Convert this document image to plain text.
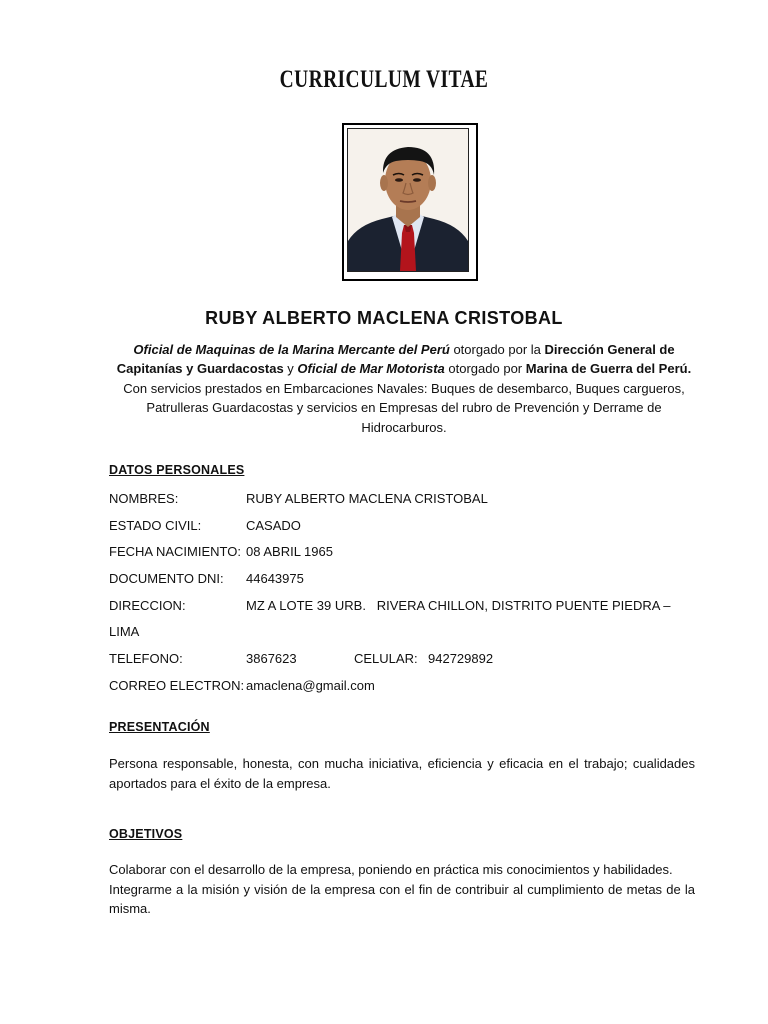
CURRICULUM VITAE
RUBY ALBERTO MACLENA CRISTOBAL
Oficial de Maquinas de la Marina Mercante del Perú otorgado por la Dirección General de Capitanías y Guardacostas y Oficial de Mar Motorista otorgado por Marina de Guerra del Perú. Con servicios prestados en Embarcaciones Navales: Buques de desembarco, Buques cargueros, Patrulleras Guardacostas y servicios en Empresas del rubro de Prevención y Derrame de Hidrocarburos.
DATOS PERSONALES
NOMBRES:	RUBY ALBERTO MACLENA CRISTOBAL
ESTADO CIVIL:	CASADO
FECHA NACIMIENTO: 08 ABRIL 1965
DOCUMENTO DNI: 44643975
DIRECCION:	MZ A LOTE 39 URB.   RIVERA CHILLON, DISTRITO PUENTE PIEDRA –
LIMA
TELEFONO:	3867623	CELULAR: 942729892
CORREO ELECTRON: amaclena@gmail.com
PRESENTACIÓN
Persona responsable, honesta, con mucha iniciativa, eficiencia y eficacia en el trabajo; cualidades aportados para el éxito de la empresa.
OBJETIVOS

Colaborar con el desarrollo de la empresa, poniendo en práctica mis conocimientos y habilidades.

Integrarme a la misión y visión de la empresa con el fin de contribuir al cumplimiento de metas de la misma.
